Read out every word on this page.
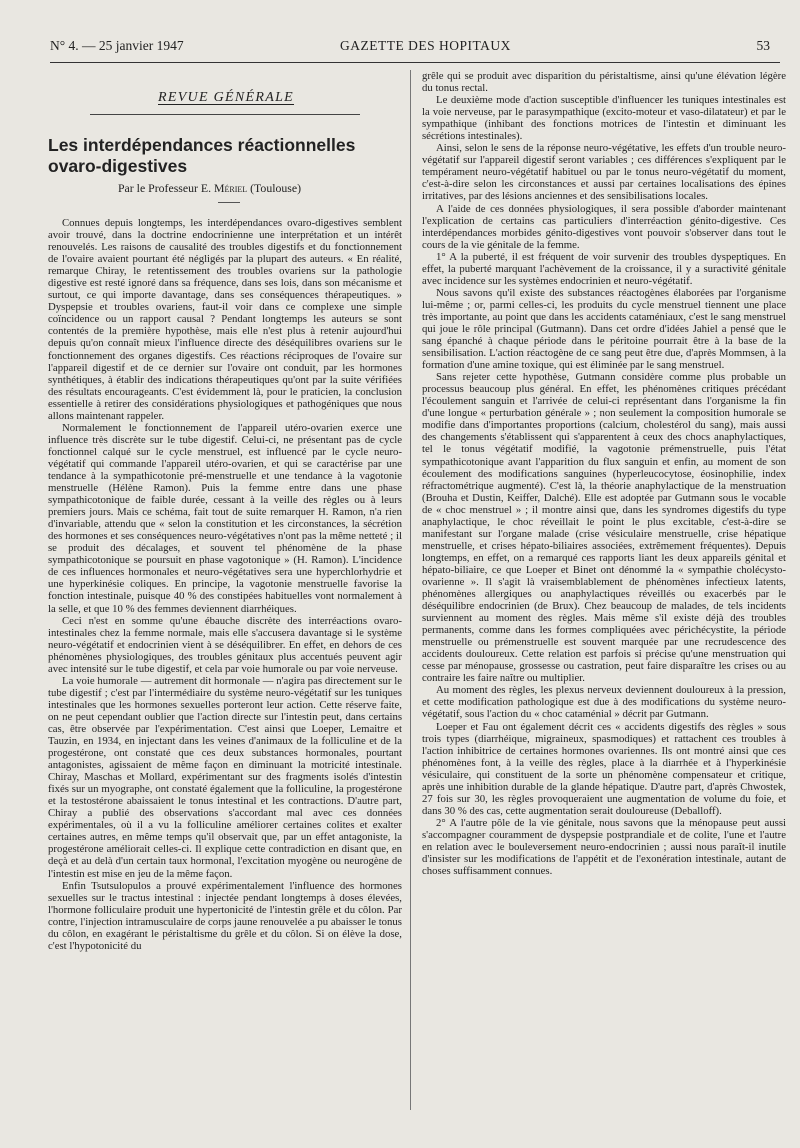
N° 4. — 25 janvier 1947	GAZETTE DES HOPITAUX	53
REVUE GÉNÉRALE
Les interdépendances réactionnelles ovaro-digestives
Par le Professeur E. Mériel (Toulouse)

Connues depuis longtemps, les interdépendances ovaro-digestives semblent avoir trouvé, dans la doctrine endocrinienne une interprétation et un intérêt renouvelés. Les raisons de causalité des troubles digestifs et du fonctionnement de l'ovaire avaient pourtant été négligés par la plupart des auteurs. « En réalité, remarque Chiray, le retentissement des troubles ovariens sur la pathologie digestive est resté ignoré dans sa fréquence, dans ses lois, dans son mécanisme et surtout, ce qui importe davantage, dans ses conséquences thérapeutiques. » Dyspepsie et troubles ovariens, faut-il voir dans ce complexe une simple coïncidence ou un rapport causal ? Pendant longtemps les auteurs se sont contentés de la première hypothèse, mais elle n'est plus à retenir aujourd'hui depuis qu'on connaît mieux l'influence directe des déséquilibres ovariens sur le fonctionnement des organes digestifs. Ces réactions réciproques de l'ovaire sur l'appareil digestif et de ce dernier sur l'ovaire ont conduit, par les hormones synthétiques, à établir des indications thérapeutiques qu'ont par la suite vérifiées des résultats encourageants. C'est évidemment là, pour le praticien, la conclusion essentielle à retirer des considérations physiologiques et pathogéniques que nous allons maintenant rappeler.

Normalement le fonctionnement de l'appareil utéro-ovarien exerce une influence très discrète sur le tube digestif. Celui-ci, ne présentant pas de cycle fonctionnel calqué sur le cycle menstruel, est influencé par le cycle neuro-végétatif qui commande l'appareil utéro-ovarien, et qui se caractérise par une tendance à la sympathicotonie pré-menstruelle et une tendance à la vagotonie menstruelle (Hélène Ramon). Puis la femme entre dans une phase sympathicotonique de faible durée, cessant à la veille des règles ou à leurs premiers jours. Mais ce schéma, fait tout de suite remarquer H. Ramon, n'a rien d'invariable, attendu que « selon la constitution et les circonstances, la sécrétion des hormones et ses conséquences neuro-végétatives n'ont pas la même netteté ; il se produit des décalages, et souvent tel phénomène de la phase sympathicotonique se poursuit en phase vagotonique » (H. Ramon). L'incidence de ces influences hormonales et neuro-végétatives sera une hyperchlorhydrie et une hyperkinésie coliques. En principe, la vagotonie menstruelle favorise la fonction intestinale, puisque 40 % des constipées habituelles vont normalement à la selle, et que 10 % des femmes deviennent diarrhéiques.

Ceci n'est en somme qu'une ébauche discrète des interréactions ovaro-intestinales chez la femme normale, mais elle s'accusera davantage si le système neuro-végétatif et endocrinien vient à se déséquilibrer. En effet, en dehors de ces phénomènes physiologiques, des troubles génitaux plus accentués peuvent agir avec intensité sur le tube digestif, et cela par voie humorale ou par voie nerveuse.

La voie humorale — autrement dit hormonale — n'agira pas directement sur le tube digestif ; c'est par l'intermédiaire du système neuro-végétatif sur les tuniques intestinales que les hormones sexuelles porteront leur action. Cette réserve faite, on ne peut cependant oublier que l'action directe sur l'intestin peut, dans certains cas, être observée par l'expérimentation. C'est ainsi que Loeper, Lemaitre et Tauzin, en 1934, en injectant dans les veines d'animaux de la folliculine et de la progestérone, ont constaté que ces deux substances hormonales, pourtant antagonistes, agissaient de même façon en diminuant la motricité intestinale. Chiray, Maschas et Mollard, expérimentant sur des fragments isolés d'intestin fixés sur un myographe, ont constaté également que la folliculine, la progestérone et la testostérone abaissaient le tonus intestinal et les contractions. D'autre part, Chiray a publié des observations s'accordant mal avec ces données expérimentales, où il a vu la folliculine améliorer certaines colites et exalter certaines autres, en même temps qu'il observait que, par un effet antagoniste, la progestérone améliorait celles-ci. Il explique cette contradiction en disant que, en deçà et au delà d'un certain taux hormonal, l'excitation myogène ou neurogène de l'intestin est mise en jeu de la même façon.

Enfin Tsutsulopulos a prouvé expérimentalement l'influence des hormones sexuelles sur le tractus intestinal : injectée pendant longtemps à doses élevées, l'hormone folliculaire produit une hypertonicité de l'intestin grêle et du côlon. Par contre, l'injection intramusculaire de corps jaune renouvelée a pu abaisser le tonus du côlon, en exagérant le péristaltisme du grêle et du côlon. Si on élève la dose, c'est l'hypotonicité du

grêle qui se produit avec disparition du péristaltisme, ainsi qu'une élévation légère du tonus rectal.

Le deuxième mode d'action susceptible d'influencer les tuniques intestinales est la voie nerveuse, par le parasympathique (excito-moteur et vaso-dilatateur) et par le sympathique (inhibant des fonctions motrices de l'intestin et diminuant les sécrétions intestinales).

Ainsi, selon le sens de la réponse neuro-végétative, les effets d'un trouble neuro-végétatif sur l'appareil digestif seront variables ; ces différences s'expliquent par le tempérament neuro-végétatif habituel ou par le tonus neuro-végétatif du moment, c'est-à-dire selon les circonstances et aussi par certaines localisations des épines irritatives, par des lésions anciennes et des sensibilisations locales.

A l'aide de ces données physiologiques, il sera possible d'aborder maintenant l'explication de certains cas particuliers d'interréaction génito-digestive. Ces interdépendances morbides génito-digestives vont pouvoir s'observer dans tout le cours de la vie génitale de la femme.

1° A la puberté, il est fréquent de voir survenir des troubles dyspeptiques. En effet, la puberté marquant l'achèvement de la croissance, il y a suractivité génitale avec incidence sur les systèmes endocrinien et neuro-végétatif.

Nous savons qu'il existe des substances réactogènes élaborées par l'organisme lui-même ; or, parmi celles-ci, les produits du cycle menstruel tiennent une place très importante, au point que dans les accidents cataméniaux, c'est le sang menstruel qui joue le rôle principal (Gutmann). Dans cet ordre d'idées Jahiel a pensé que le sang épanché à chaque période dans le péritoine pourrait être à la base de la sensibilisation. L'action réactogène de ce sang peut être due, d'après Mommsen, à la formation d'une amine toxique, qui est éliminée par le sang menstruel.

Sans rejeter cette hypothèse, Gutmann considère comme plus probable un processus beaucoup plus général. En effet, les phénomènes critiques précédant l'écoulement sanguin et l'arrivée de celui-ci représentant dans l'organisme la fin d'une longue « perturbation générale » ; non seulement la composition humorale se modifie dans d'importantes proportions (calcium, cholestérol du sang), mais aussi des changements s'établissent qui s'apparentent à ceux des chocs anaphylactiques, tel le tonus végétatif modifié, la vagotonie prémenstruelle, puis l'état sympathicotonique avant l'apparition du flux sanguin et enfin, au moment de son écoulement des modifications sanguines (hyperleucocytose, éosinophilie, index réfractométrique augmenté). C'est là, la théorie anaphylactique de la menstruation (Brouha et Dustin, Keiffer, Dalché). Elle est adoptée par Gutmann sous le vocable de « choc menstruel » ; il montre ainsi que, dans les syndromes digestifs du type anaphylactique, le choc réveillait le point le plus excitable, c'est-à-dire se manifestant sur l'organe malade (crise vésiculaire menstruelle, crise hépatique menstruelle, et crises hépato-biliaires associées, extrêmement fréquentes). Depuis longtemps, en effet, on a remarqué ces rapports liant les deux appareils génital et hépato-biliaire, ce que Loeper et Binet ont dénommé la « sympathie cholécysto-ovarienne ». Il s'agit là vraisemblablement de phénomènes infectieux latents, phénomènes allergiques ou anaphylactiques réveillés ou exacerbés par le déséquilibre endocrinien (de Brux). Chez beaucoup de malades, de tels incidents surviennent au moment des règles. Mais même s'il existe déjà des troubles permanents, comme dans les formes compliquées avec périchécystite, la période menstruelle ou prémenstruelle est souvent marquée par une recrudescence des accidents douloureux. Cette relation est parfois si précise qu'une menstruation qui cesse par ménopause, grossesse ou castration, peut faire disparaître les crises ou au contraire les faire naître ou multiplier.

Au moment des règles, les plexus nerveux deviennent douloureux à la pression, et cette modification pathologique est due à des modifications du système neuro-végétatif, sous l'action du « choc cataménial » décrit par Gutmann.

Loeper et Fau ont également décrit ces « accidents digestifs des règles » sous trois types (diarrhéique, migraineux, spasmodiques) et rattachent ces troubles à l'action inhibitrice de certaines hormones ovariennes. Ils ont montré ainsi que ces phénomènes font, à la veille des règles, place à la diarrhée et à l'hyperkinésie vésiculaire, qui constituent de la sorte un phénomène compensateur et critique, après une inhibition durable de la glande hépatique. D'autre part, d'après Chwostek, 27 fois sur 30, les règles provoqueraient une augmentation de volume du foie, et dans 30 % des cas, cette augmentation serait douloureuse (Deballoff).

2° A l'autre pôle de la vie génitale, nous savons que la ménopause peut aussi s'accompagner couramment de dyspepsie postprandiale et de colite, l'une et l'autre en relation avec le bouleversement neuro-endocrinien ; aussi nous paraît-il inutile d'insister sur les modifications de l'appétit et de l'exonération intestinale, autant de choses suffisamment connues.
